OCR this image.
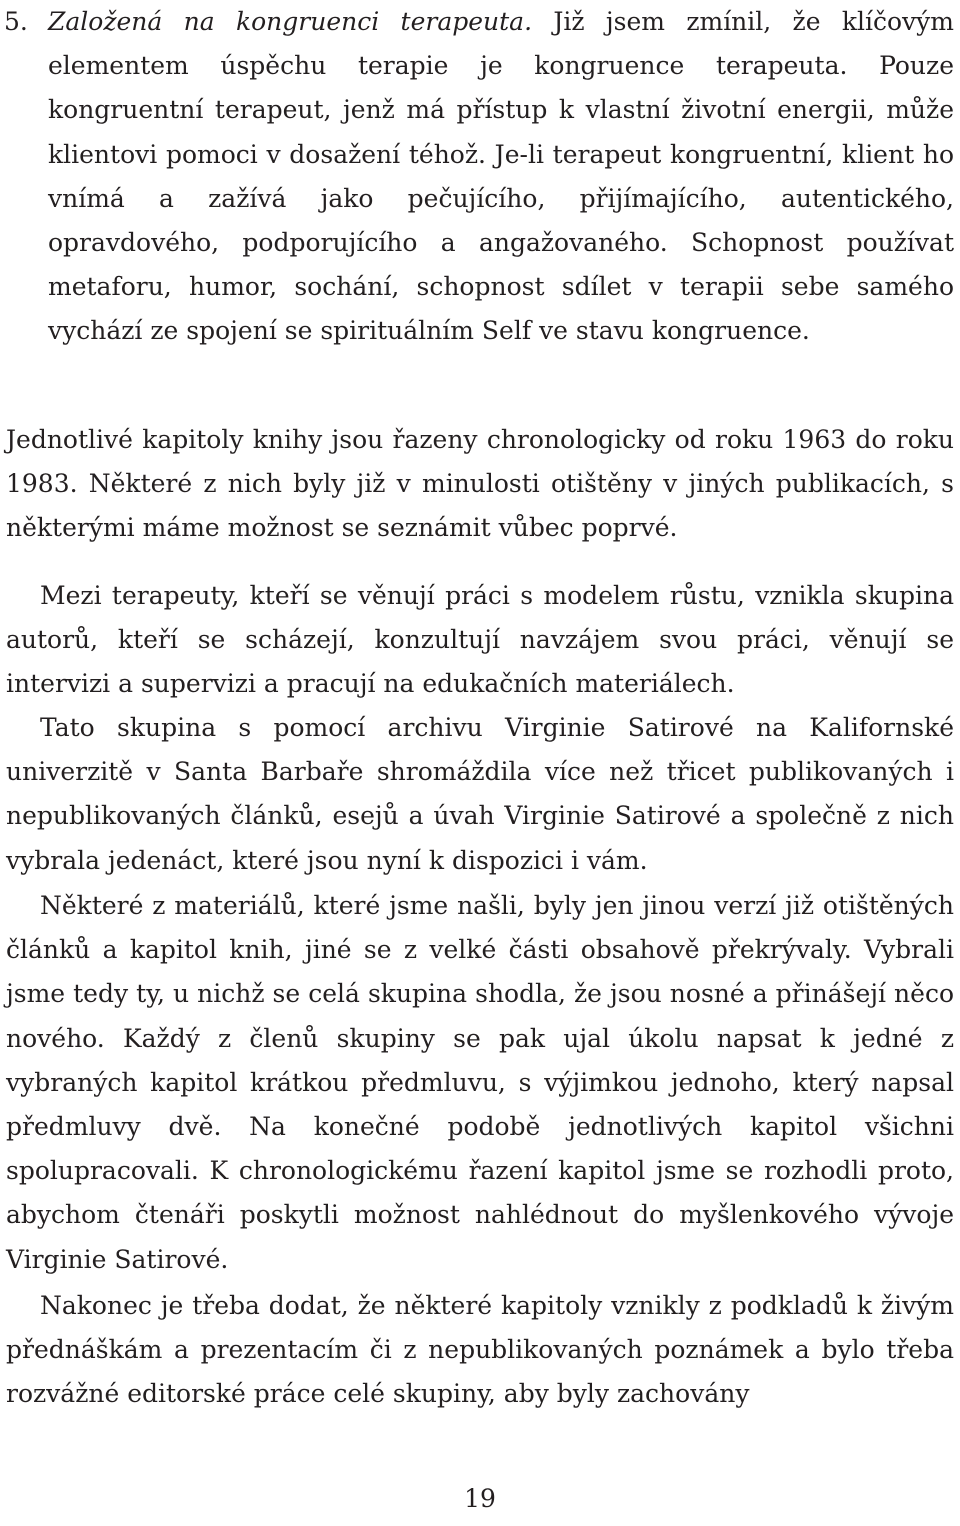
5. Založená na kongruenci terapeuta. Již jsem zmínil, že klíčovým elementem úspěchu terapie je kongruence terapeuta. Pouze kongruentní terapeut, jenž má přístup k vlastní životní energii, může klientovi pomoci v dosažení téhož. Je-li terapeut kongruentní, klient ho vnímá a zažívá jako pečujícího, přijímajícího, autentického, opravdového, podporujícího a angažovaného. Schopnost používat metaforu, humor, sochání, schopnost sdílet v terapii sebe samého vychází ze spojení se spirituálním Self ve stavu kongruence.

Jednotlivé kapitoly knihy jsou řazeny chronologicky od roku 1963 do roku 1983. Některé z nich byly již v minulosti otištěny v jiných publikacích, s některými máme možnost se seznámit vůbec poprvé.

Mezi terapeuty, kteří se věnují práci s modelem růstu, vznikla skupina autorů, kteří se scházejí, konzultují navzájem svou práci, věnují se intervizi a supervizi a pracují na edukačních materiálech.

Tato skupina s pomocí archivu Virginie Satirové na Kalifornské univerzitě v Santa Barbaře shromáždila více než třicet publikovaných i nepublikovaných článků, esejů a úvah Virginie Satirové a společně z nich vybrala jedenáct, které jsou nyní k dispozici i vám.

Některé z materiálů, které jsme našli, byly jen jinou verzí již otištěných článků a kapitol knih, jiné se z velké části obsahově překrývaly. Vybrali jsme tedy ty, u nichž se celá skupina shodla, že jsou nosné a přinášejí něco nového. Každý z členů skupiny se pak ujal úkolu napsat k jedné z vybraných kapitol krátkou předmluvu, s výjimkou jednoho, který napsal předmluvy dvě. Na konečné podobě jednotlivých kapitol všichni spolupracovali. K chronologickému řazení kapitol jsme se rozhodli proto, abychom čtenáři poskytli možnost nahlédnout do myšlenkového vývoje Virginie Satirové.

Nakonec je třeba dodat, že některé kapitoly vznikly z podkladů k živým přednáškám a prezentacím či z nepublikovaných poznámek a bylo třeba rozvážné editorské práce celé skupiny, aby byly zachovány

19
